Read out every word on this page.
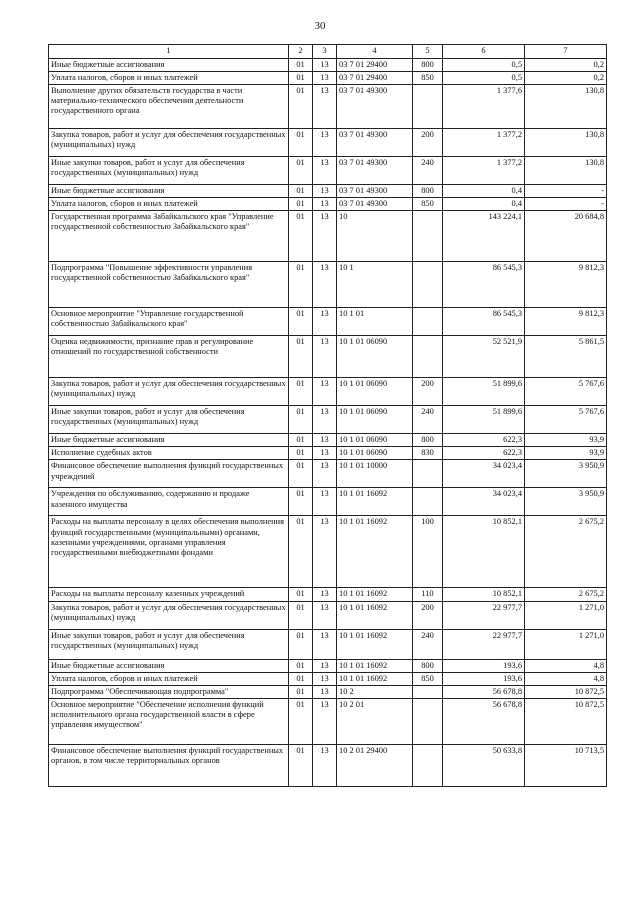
30
1	2	3	4	5	6	7
Иные бюджетные ассигнования	01	13	03 7 01 29400	800	0,5	0,2
Уплата налогов, сборов и иных платежей	01	13	03 7 01 29400	850	0,5	0,2
Выполнение других обязательств государства в части материально-технического обеспечения деятельности государственного органа	01	13	03 7 01 49300		1 377,6	130,8
Закупка товаров, работ и услуг для обеспечения государственных (муниципальных) нужд	01	13	03 7 01 49300	200	1 377,2	130,8
Иные закупки товаров, работ и услуг для обеспечения государственных (муниципальных) нужд	01	13	03 7 01 49300	240	1 377,2	130,8
Иные бюджетные ассигнования	01	13	03 7 01 49300	800	0,4	-
Уплата налогов, сборов и иных платежей	01	13	03 7 01 49300	850	0,4	-
Государственная программа Забайкальского края "Управление государственной собственностью Забайкальского края"	01	13	10		143 224,1	20 684,8
Подпрограмма "Повышение эффективности управления государственной собственностью Забайкальского края"	01	13	10 1		86 545,3	9 812,3
Основное мероприятие "Управление государственной собственностью Забайкальского края"	01	13	10 1 01		86 545,3	9 812,3
Оценка недвижимости, признание прав и регулирование отношений по государственной собственности	01	13	10 1 01 06090		52 521,9	5 861,5
Закупка товаров, работ и услуг для обеспечения государственных (муниципальных) нужд	01	13	10 1 01 06090	200	51 899,6	5 767,6
Иные закупки товаров, работ и услуг для обеспечения государственных (муниципальных) нужд	01	13	10 1 01 06090	240	51 899,6	5 767,6
Иные бюджетные ассигнования	01	13	10 1 01 06090	800	622,3	93,9
Исполнение судебных актов	01	13	10 1 01 06090	830	622,3	93,9
Финансовое обеспечение выполнения функций государственных учреждений	01	13	10 1 01 10000		34 023,4	3 950,9
Учреждения по обслуживанию, содержанию и продаже казенного имущества	01	13	10 1 01 16092		34 023,4	3 950,9
Расходы на выплаты персоналу в целях обеспечения выполнения функций государственными (муниципальными) органами, казенными учреждениями, органами управления государственными внебюджетными фондами	01	13	10 1 01 16092	100	10 852,1	2 675,2
Расходы на выплаты персоналу казенных учреждений	01	13	10 1 01 16092	110	10 852,1	2 675,2
Закупка товаров, работ и услуг для обеспечения государственных (муниципальных) нужд	01	13	10 1 01 16092	200	22 977,7	1 271,0
Иные закупки товаров, работ и услуг для обеспечения государственных (муниципальных) нужд	01	13	10 1 01 16092	240	22 977,7	1 271,0
Иные бюджетные ассигнования	01	13	10 1 01 16092	800	193,6	4,8
Уплата налогов, сборов и иных платежей	01	13	10 1 01 16092	850	193,6	4,8
Подпрограмма "Обеспечивающая подпрограмма"	01	13	10 2		56 678,8	10 872,5
Основное мероприятие "Обеспечение исполнения функций исполнительного органа государственной власти в сфере управления имуществом"	01	13	10 2 01		56 678,8	10 872,5
Финансовое обеспечение выполнения функций государственных органов, в том числе территориальных органов	01	13	10 2 01 29400		50 633,8	10 713,5
